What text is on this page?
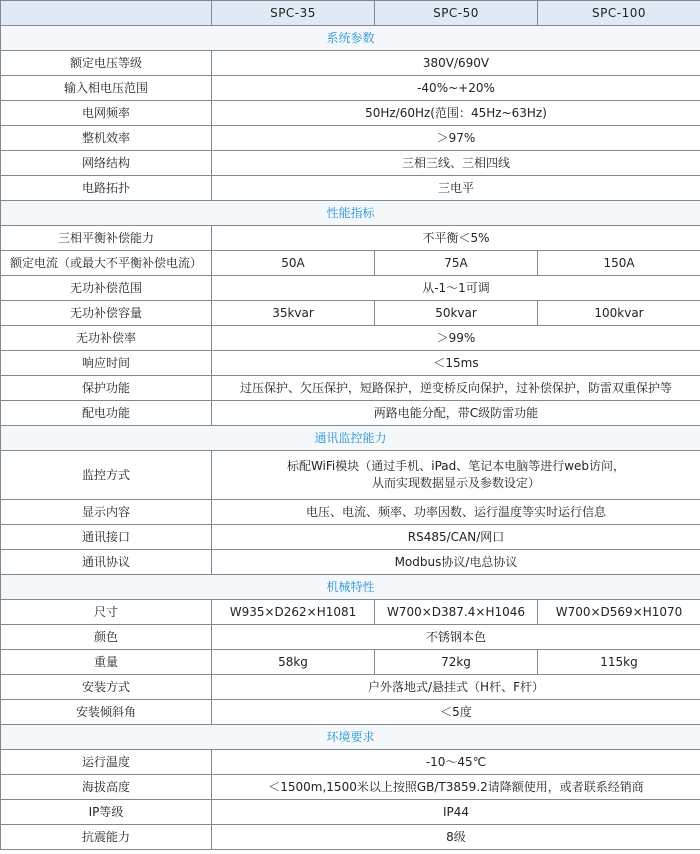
	SPC-35	SPC-50	SPC-100
系统参数			
额定电压等级	380V/690V		
输入相电压范围	-40%~+20%		
电网频率	50Hz/60Hz(范围：45Hz~63Hz)		
整机效率	＞97%		
网络结构	三相三线、三相四线		
电路拓扑	三电平		
性能指标			
三相平衡补偿能力	不平衡＜5%		
额定电流（或最大不平衡补偿电流）	50A	75A	150A
无功补偿范围	从-1～1可调		
无功补偿容量	35kvar	50kvar	100kvar
无功补偿率	＞99%		
响应时间	＜15ms		
保护功能	过压保护、欠压保护，短路保护，逆变桥反向保护，过补偿保护，防雷双重保护等		
配电功能	两路电能分配，带C级防雷功能		
通讯监控能力			
监控方式	标配WiFi模块（通过手机、iPad、笔记本电脑等进行web访问，
从而实现数据显示及参数设定）		

显示内容	电压、电流、频率、功率因数、运行温度等实时运行信息		
通讯接口	RS485/CAN/网口		
通讯协议	Modbus协议/电总协议		
机械特性			
尺寸	W935×D262×H1081	W700×D387.4×H1046	W700×D569×H1070
颜色	不锈钢本色		
重量	58kg	72kg	115kg
安装方式	户外落地式/悬挂式（H杆、F杆）		
安装倾斜角	＜5度		
环境要求			
运行温度	-10～45℃		
海拔高度	＜1500m,1500米以上按照GB/T3859.2请降额使用，或者联系经销商		
IP等级	IP44		
抗震能力	8级		
